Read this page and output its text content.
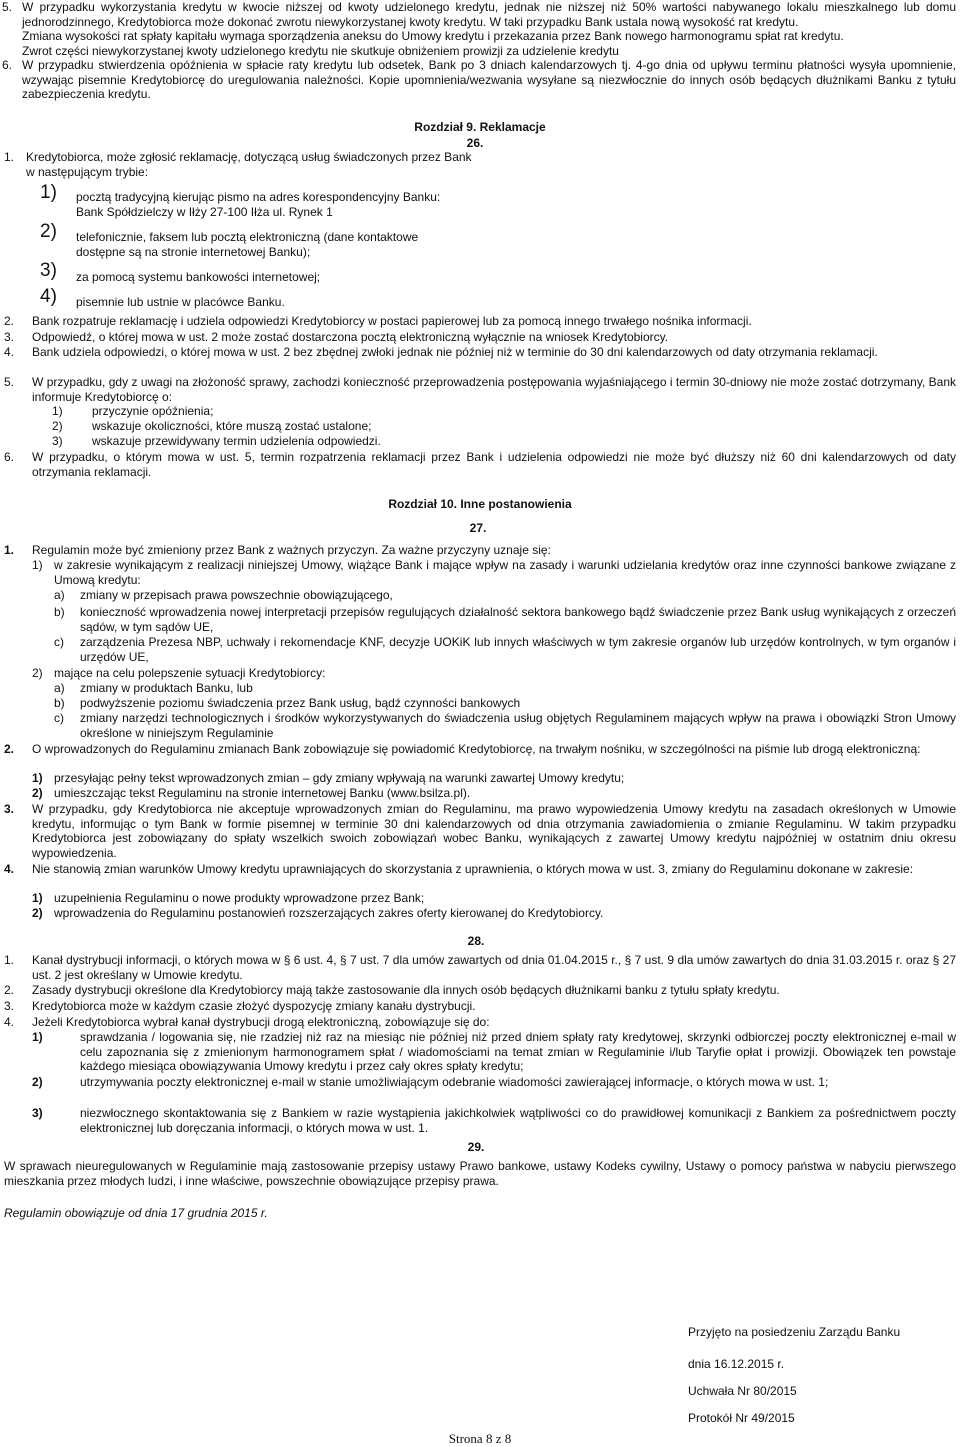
5. W przypadku wykorzystania kredytu w kwocie niższej od kwoty udzielonego kredytu, jednak nie niższej niż 50% wartości nabywanego lokalu mieszkalnego lub domu jednorodzinnego, Kredytobiorca może dokonać zwrotu niewykorzystanej kwoty kredytu. W taki przypadku Bank ustala nową wysokość rat kredytu.
Zmiana wysokości rat spłaty kapitału wymaga sporządzenia aneksu do Umowy kredytu i przekazania przez Bank nowego harmonogramu spłat rat kredytu.
Zwrot części niewykorzystanej kwoty udzielonego kredytu nie skutkuje obniżeniem prowizji za udzielenie kredytu
6. W przypadku stwierdzenia opóźnienia w spłacie raty kredytu lub odsetek, Bank po 3 dniach kalendarzowych tj. 4-go dnia od upływu terminu płatności wysyła upomnienie, wzywając pisemnie Kredytobiorcę do uregulowania należności. Kopie upomnienia/wezwania wysyłane są niezwłocznie do innych osób będących dłużnikami Banku z tytułu zabezpieczenia kredytu.
Rozdział 9. Reklamacje
26.
1. Kredytobiorca, może zgłosić reklamację, dotyczącą usług świadczonych przez Bank w następującym trybie:
1) pocztą tradycyjną kierując pismo na adres korespondencyjny Banku: Bank Spółdzielczy w Iłży 27-100 Iłża ul. Rynek 1
2) telefonicznie, faksem lub pocztą elektroniczną (dane kontaktowe dostępne są na stronie internetowej Banku);
3) za pomocą systemu bankowości internetowej;
4) pisemnie lub ustnie w placówce Banku.
2. Bank rozpatruje reklamację i udziela odpowiedzi Kredytobiorcy w postaci papierowej lub za pomocą innego trwałego nośnika informacji.
3. Odpowiedź, o której mowa w ust. 2 może zostać dostarczona pocztą elektroniczną wyłącznie na wniosek Kredytobiorcy.
4. Bank udziela odpowiedzi, o której mowa w ust. 2 bez zbędnej zwłoki jednak nie później niż w terminie do 30 dni kalendarzowych od daty otrzymania reklamacji.
5. W przypadku, gdy z uwagi na złożoność sprawy, zachodzi konieczność przeprowadzenia postępowania wyjaśniającego i termin 30-dniowy nie może zostać dotrzymany, Bank informuje Kredytobiorcę o:
1) przyczynie opóźnienia;
2) wskazuje okoliczności, które muszą zostać ustalone;
3) wskazuje przewidywany termin udzielenia odpowiedzi.
6. W przypadku, o którym mowa w ust. 5, termin rozpatrzenia reklamacji przez Bank i udzielenia odpowiedzi nie może być dłuższy niż 60 dni kalendarzowych od daty otrzymania reklamacji.
Rozdział 10. Inne postanowienia
27.
1. Regulamin może być zmieniony przez Bank z ważnych przyczyn. Za ważne przyczyny uznaje się:
1) w zakresie wynikającym z realizacji niniejszej Umowy, wiążące Bank i mające wpływ na zasady i warunki udzielania kredytów oraz inne czynności bankowe związane z Umową kredytu:
a) zmiany w przepisach prawa powszechnie obowiązującego,
b) konieczność wprowadzenia nowej interpretacji przepisów regulujących działalność sektora bankowego bądź świadczenie przez Bank usług wynikających z orzeczeń sądów, w tym sądów UE,
c) zarządzenia Prezesa NBP, uchwały i rekomendacje KNF, decyzje UOKiK lub innych właściwych w tym zakresie organów lub urzędów kontrolnych, w tym organów i urzędów UE,
2) mające na celu polepszenie sytuacji Kredytobiorcy:
a) zmiany w produktach Banku, lub
b) podwyższenie poziomu świadczenia przez Bank usług, bądź czynności bankowych
c) zmiany narzędzi technologicznych i środków wykorzystywanych do świadczenia usług objętych Regulaminem mających wpływ na prawa i obowiązki Stron Umowy określone w niniejszym Regulaminie
2. O wprowadzonych do Regulaminu zmianach Bank zobowiązuje się powiadomić Kredytobiorcę, na trwałym nośniku, w szczególności na piśmie lub drogą elektroniczną:
1) przesyłając pełny tekst wprowadzonych zmian – gdy zmiany wpływają na warunki zawartej Umowy kredytu;
2) umieszczając tekst Regulaminu na stronie internetowej Banku (www.bsilza.pl).
3. W przypadku, gdy Kredytobiorca nie akceptuje wprowadzonych zmian do Regulaminu, ma prawo wypowiedzenia Umowy kredytu na zasadach określonych w Umowie kredytu, informując o tym Bank w formie pisemnej w terminie 30 dni kalendarzowych od dnia otrzymania zawiadomienia o zmianie Regulaminu. W takim przypadku Kredytobiorca jest zobowiązany do spłaty wszelkich swoich zobowiązań wobec Banku, wynikających z zawartej Umowy kredytu najpóźniej w ostatnim dniu okresu wypowiedzenia.
4. Nie stanowią zmian warunków Umowy kredytu uprawniających do skorzystania z uprawnienia, o których mowa w ust. 3, zmiany do Regulaminu dokonane w zakresie:
1) uzupełnienia Regulaminu o nowe produkty wprowadzone przez Bank;
2) wprowadzenia do Regulaminu postanowień rozszerzających zakres oferty kierowanej do Kredytobiorcy.
28.
1. Kanał dystrybucji informacji, o których mowa w § 6 ust. 4, § 7 ust. 7 dla umów zawartych od dnia 01.04.2015 r., § 7 ust. 9 dla umów zawartych do dnia 31.03.2015 r. oraz § 27 ust. 2 jest określany w Umowie kredytu.
2. Zasady dystrybucji określone dla Kredytobiorcy mają także zastosowanie dla innych osób będących dłużnikami banku z tytułu spłaty kredytu.
3. Kredytobiorca może w każdym czasie złożyć dyspozycję zmiany kanału dystrybucji.
4. Jeżeli Kredytobiorca wybrał kanał dystrybucji drogą elektroniczną, zobowiązuje się do:
1)	sprawdzania / logowania się, nie rzadziej niż raz na miesiąc nie później niż przed dniem spłaty raty kredytowej, skrzynki odbiorczej poczty elektronicznej e-mail w celu zapoznania się z zmienionym harmonogramem spłat / wiadomościami na temat zmian w Regulaminie i/lub Taryfie opłat i prowizji. Obowiązek ten powstaje każdego miesiąca obowiązywania Umowy kredytu i przez cały okres spłaty kredytu;
2)	utrzymywania poczty elektronicznej e-mail w stanie umożliwiającym odebranie wiadomości zawierającej informacje, o których mowa w ust. 1;
3)	niezwłocznego skontaktowania się z Bankiem w razie wystąpienia jakichkolwiek wątpliwości co do prawidłowej komunikacji z Bankiem za pośrednictwem poczty elektronicznej lub doręczania informacji, o których mowa w ust. 1.
29.
W sprawach nieuregulowanych w Regulaminie mają zastosowanie przepisy ustawy Prawo bankowe, ustawy Kodeks cywilny, Ustawy o pomocy państwa w nabyciu pierwszego mieszkania przez młodych ludzi, i inne właściwe, powszechnie obowiązujące przepisy prawa.
Regulamin obowiązuje od dnia 17 grudnia 2015 r.
Przyjęto na posiedzeniu Zarządu Banku
dnia 16.12.2015 r.
Uchwała Nr 80/2015
Protokół Nr 49/2015
Strona 8 z 8
